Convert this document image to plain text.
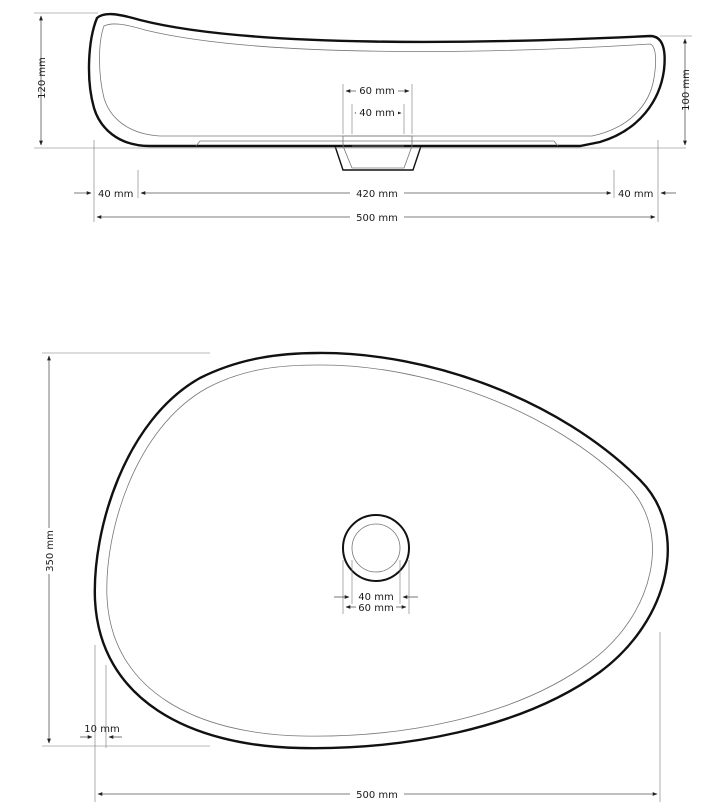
120 mm	100 mm
60 mm
40 mm
40 mm	420 mm	40 mm
500 mm
40 mm
60 mm
350 mm
10 mm
500 mm
